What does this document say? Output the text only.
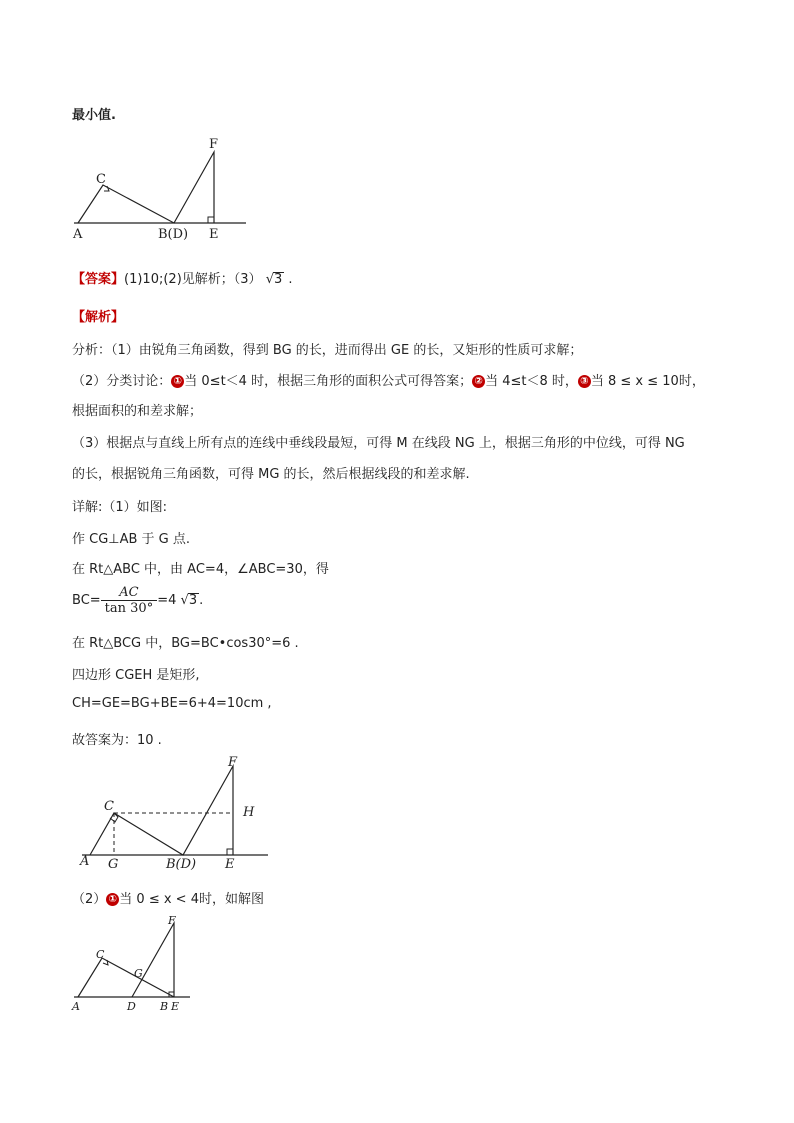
最小值.
C
F
A	B(D) E
【答案】(1)10;(2)见解析；（3） √3 .
【解析】
分析：（1）由锐角三角函数，得到 BG 的长，进而得出 GE 的长，又矩形的性质可求解；
（2）分类讨论： ① 当 0≤t＜4 时，根据三角形的面积公式可得答案； ② 当 4≤t＜8 时， ③ 当 8 ≤ x ≤ 10时，
根据面积的和差求解；
（3）根据点与直线上所有点的连线中垂线段最短，可得 M 在线段 NG 上，根据三角形的中位线，可得 NG
的长，根据锐角三角函数，可得 MG 的长，然后根据线段的和差求解.
详解:（1）如图:
作 CG⊥AB 于 G 点.
在 Rt△ABC 中，由 AC=4，∠ABC=30，得
$BC= \frac{AC}{\tan 30^\circ} =4$ √3 .
在 Rt△BCG 中，BG=BC•cos30°=6 .
四边形 CGEH 是矩形,
CH=GE=BG+BE=6+4=10cm ,
故答案为：10 .
F
C	H
A G	B(D) E
（2） ① 当 0 ≤ x < 4时，如解图
F
C
G
A	D B E
